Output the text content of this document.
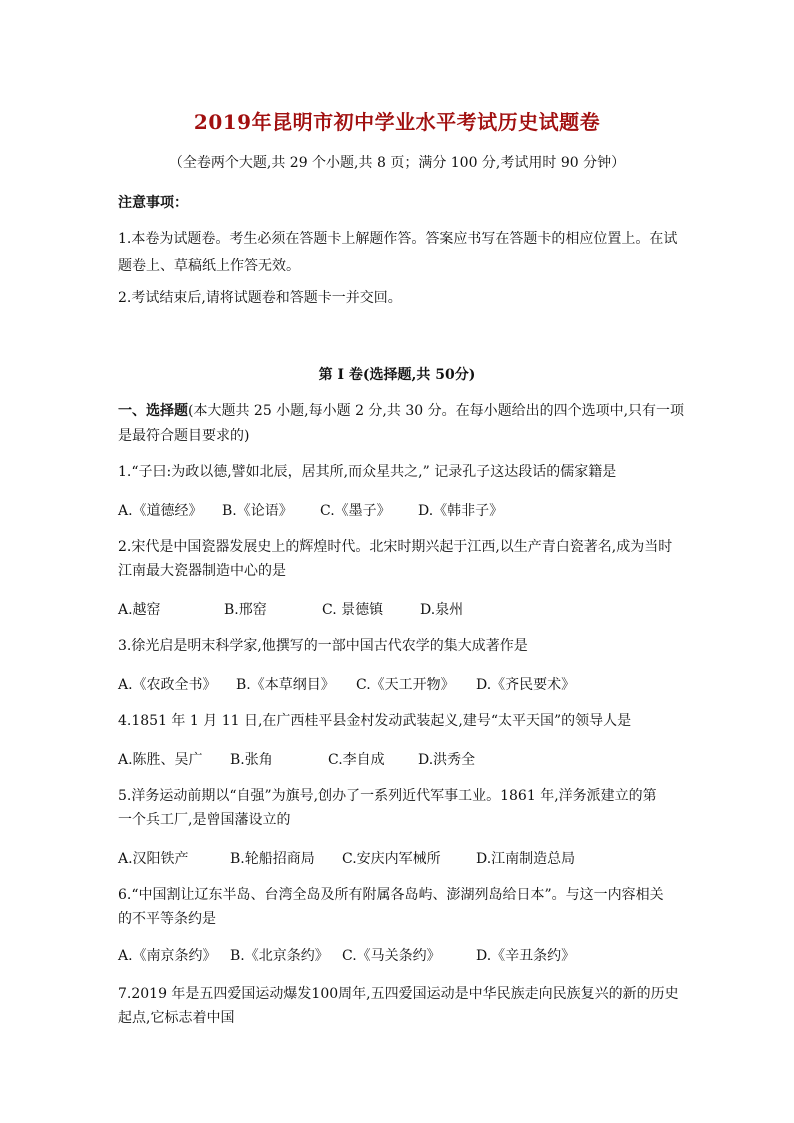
2019年昆明市初中学业水平考试历史试题卷
（全卷两个大题,共 29 个小题,共 8 页；满分 100 分,考试用时 90 分钟）
注意事项：
1.本卷为试题卷。考生必须在答题卡上解题作答。答案应书写在答题卡的相应位置上。在试
题卷上、草稿纸上作答无效。
2.考试结束后,请将试题卷和答题卡一并交回。
第 Ⅰ 卷(选择题,共 50分)
一、选择题(本大题共 25 小题,每小题 2 分,共 30 分。在每小题给出的四个选项中,只有一项
是最符合题目要求的)
1.“子曰:为政以德,譬如北辰，居其所,而众星共之,” 记录孔子这达段话的儒家籍是
A.《道德经》 B.《论语》 C.《墨子》 D.《韩非子》
2.宋代是中国瓷器发展史上的辉煌时代。北宋时期兴起于江西,以生产青白瓷著名,成为当时
江南最大瓷器制造中心的是
A.越窑	B.邢窑	C. 景德镇	D.泉州
3.徐光启是明末科学家,他撰写的一部中国古代农学的集大成著作是
A.《农政全书》 B.《本草纲目》 C.《天工开物》 D.《齐民要术》
4.1851 年 1 月 11 日,在广西桂平县金村发动武装起义,建号“太平天国”的领导人是
A.陈胜、吴广 B.张角	C.李自成 D.洪秀全
5.洋务运动前期以“自强”为旗号,创办了一系列近代军事工业。1861 年,洋务派建立的第
一个兵工厂,是曾国藩设立的
A.汉阳铁产	B.轮船招商局 C.安庆内军械所	D.江南制造总局
6.“中国割让辽东半岛、台湾全岛及所有附属各岛屿、澎湖列岛给日本”。与这一内容相关
的不平等条约是
A.《南京条约》 B.《北京条约》 C.《马关条约》	D.《辛丑条约》
7.2019 年是五四爱国运动爆发100周年,五四爱国运动是中华民族走向民族复兴的新的历史
起点,它标志着中国
